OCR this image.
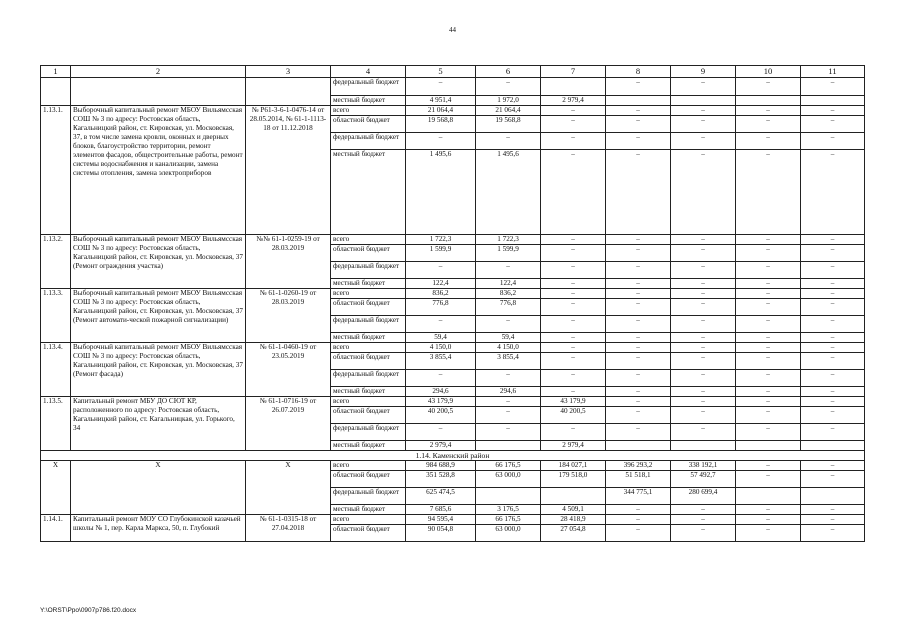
44
1	2	3	4	5	6	7	8	9	10	11
			федеральный бюджет	–	–		–	–	–	–
			местный бюджет	4 951,4	1 972,0	2 979,4				
1.13.1.	Выборочный капитальный ремонт МБОУ Вильямсская СОШ № 3 по адресу: Ростовская область, Кагальницкий район, ст. Кировская, ул. Московская, 37, в том числе замена кровли, оконных и дверных блоков, благоустройство территории, ремонт элементов фасадов, общестроительные работы, ремонт системы водоснабжения и канализации, замена системы отопления, замена электроприборов	№ Р61-3-6-1-0476-14 от 28.05.2014, № 61-1-1113-18 от 11.12.2018	всего	21 064,4	21 064,4	–	–	–	–	–
			областной бюджет	19 568,8	19 568,8	–	–	–	–	–
			федеральный бюджет	–	–	–	–	–	–	–
			местный бюджет	1 495,6	1 495,6	–	–	–	–	–
1.13.2.	Выборочный капитальный ремонт МБОУ Вильямсская СОШ № 3 по адресу: Ростовская область, Кагальницкий район, ст. Кировская, ул. Московская, 37 (Ремонт ограждения участка)	№№ 61-1-0259-19 от 28.03.2019	всего	1 722,3	1 722,3	–	–	–	–	–
			областной бюджет	1 599,9	1 599,9	–	–	–	–	–
			федеральный бюджет	–	–	–	–	–	–	–
			местный бюджет	122,4	122,4	–	–	–	–	–
1.13.3.	Выборочный капитальный ремонт МБОУ Вильямсская СОШ № 3 по адресу: Ростовская область, Кагальницкий район, ст. Кировская, ул. Московская, 37 (Ремонт автомати-ческой пожарной сигнализации)	№ 61-1-0260-19 от 28.03.2019	всего	836,2	836,2	–	–	–	–	–
			областной бюджет	776,8	776,8	–	–	–	–	–
			федеральный бюджет	–	–	–	–	–	–	–
			местный бюджет	59,4	59,4	–	–	–	–	–
1.13.4.	Выборочный капитальный ремонт МБОУ Вильямсская СОШ № 3 по адресу: Ростовская область, Кагальницкий район, ст. Кировская, ул. Московская, 37 (Ремонт фасада)	№ 61-1-0460-19 от 23.05.2019	всего	4 150,0	4 150,0	–	–	–	–	–
			областной бюджет	3 855,4	3 855,4	–	–	–	–	–
			федеральный бюджет	–	–	–	–	–	–	–
			местный бюджет	294,6	294,6	–	–	–	–	–
1.13.5.	Капитальный ремонт МБУ ДО СЮТ КР, расположенного по адресу: Ростовская область, Кагальницкий район, ст. Кагальницкая, ул. Горького, 34	№ 61-1-0716-19 от 26.07.2019	всего	43 179,9	–	43 179,9	–	–	–	–
			областной бюджет	40 200,5	–	40 200,5	–	–	–	–
			федеральный бюджет	–	–	–	–	–	–	–
			местный бюджет	2 979,4		2 979,4				
1.14. Каменский район										
X	X	X	всего	984 688,9	66 176,5	184 027,1	396 293,2	338 192,1	–	–
			областной бюджет	351 528,8	63 000,0	179 518,0	51 518,1	57 492,7	–	–
			федеральный бюджет	625 474,5			344 775,1	280 699,4		
			местный бюджет	7 685,6	3 176,5	4 509,1	–	–	–	–
1.14.1.	Капитальный ремонт МОУ СО Глубокинской казачьей школы № 1, пер. Карла Маркса, 50, п. Глубокий	№ 61-1-0315-18 от 27.04.2018	всего	94 595,4	66 176,5	28 418,9	–	–	–	–
			областной бюджет	90 054,8	63 000,0	27 054,8	–	–	–	–
Y:\ORST\Ppo\0907p786.f20.docx
